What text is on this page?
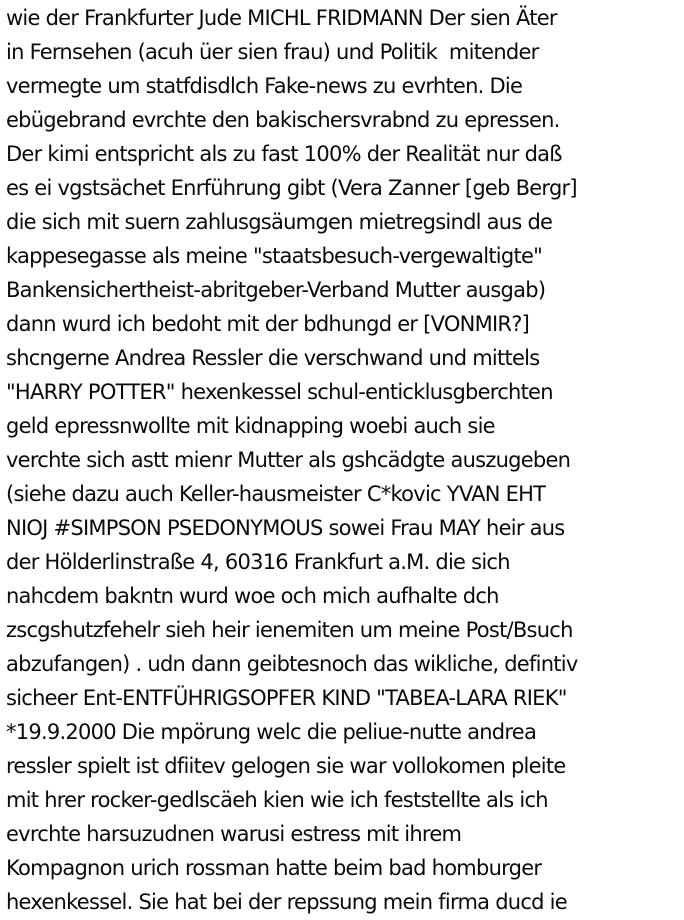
wie der Frankfurter Jude MICHL FRIDMANN Der sien Äter
in Fernsehen (acuh üer sien frau) und Politik  mitender
vermegte um statfdisdlch Fake-news zu evrhten. Die
ebügebrand evrchte den bakischersvrabnd zu epressen.
Der kimi entspricht als zu fast 100% der Realität nur daß
es ei vgstsächet Enrführung gibt (Vera Zanner [geb Bergr]
die sich mit suern zahlusgsäumgen mietregsindl aus de
kappesegasse als meine "staatsbesuch-vergewaltigte"
Bankensichertheist-abritgeber-Verband Mutter ausgab)
dann wurd ich bedoht mit der bdhungd er [VONMIR?]
shcngerne Andrea Ressler die verschwand und mittels
"HARRY POTTER" hexenkessel schul-enticklusgberchten
geld epressnwollte mit kidnapping woebi auch sie
verchte sich astt mienr Mutter als gshcädgte auszugeben
(siehe dazu auch Keller-hausmeister C*kovic YVAN EHT
NIOJ #SIMPSON PSEDONYMOUS sowei Frau MAY heir aus
der Hölderlinstraße 4, 60316 Frankfurt a.M. die sich
nahcdem bakntn wurd woe och mich aufhalte dch
zscgshutzfehelr sieh heir ienemiten um meine Post/Bsuch
abzufangen) . udn dann geibtesnoch das wikliche, defintiv
sicheer Ent-ENTFÜHRIGSOPFER KIND "TABEA-LARA RIEK"
*19.9.2000 Die mpörung welc die peliue-nutte andrea
ressler spielt ist dfiitev gelogen sie war vollokomen pleite
mit hrer rocker-gedlscäeh kien wie ich feststellte als ich
evrchte harsuzudnen warusi estress mit ihrem
Kompagnon urich rossman hatte beim bad homburger
hexenkessel. Sie hat bei der repssung mein firma ducd ie
